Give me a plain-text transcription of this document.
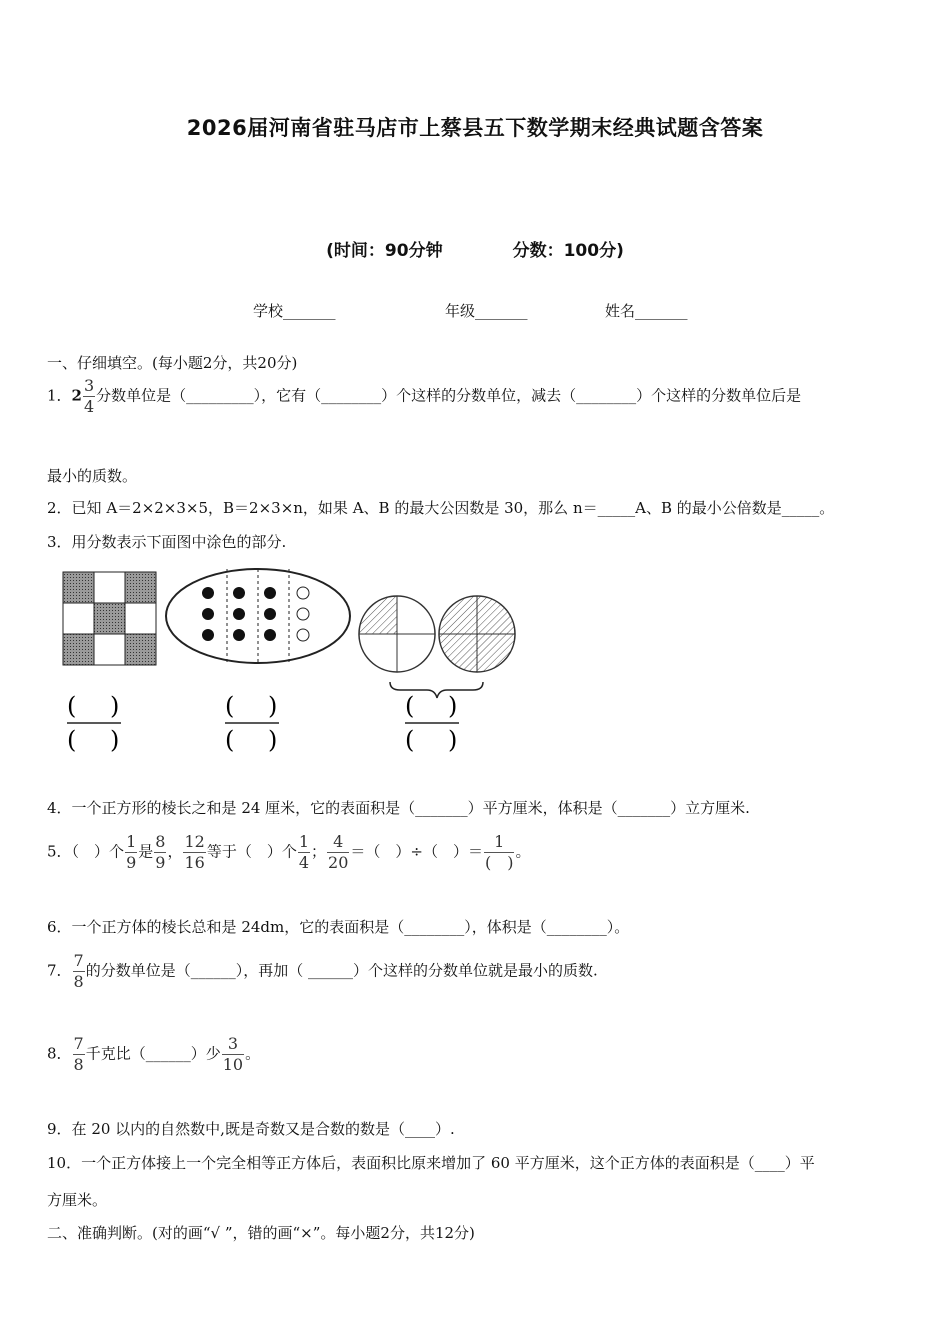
2026届河南省驻马店市上蔡县五下数学期末经典试题含答案
(时间：90分钟	分数：100分)
学校_______	年级_______	姓名_______
一、仔细填空。(每小题2分，共20分)
1．$2 \frac{3}{4}$ 分数单位是（_________），它有（________）个这样的分数单位，减去（________）个这样的分数单位后是
最小的质数。
2．已知 A＝2×2×3×5，B＝2×3×n，如果 A、B 的最大公因数是 30，那么 n＝_____A、B 的最小公倍数是_____。
3．用分数表示下面图中涂色的部分.
( )
( )
( )
( )
( )
( )
4．一个正方形的棱长之和是 24 厘米，它的表面积是（_______）平方厘米，体积是（_______）立方厘米.
5．（　）个 $\frac{1}{9}$ 是 $\frac{8}{9}$ ， $\frac{12}{16}$ 等于（　）个 $\frac{1}{4}$ ； $\frac{4}{20}$ ＝（　）÷（　）＝ $\frac{1}{( )}$ 。
6．一个正方体的棱长总和是 24dm，它的表面积是（________），体积是（________）。
7． $\frac{7}{8}$ 的分数单位是（______），再加（ ______）个这样的分数单位就是最小的质数.
8． $\frac{7}{8}$ 千克比（______）少 $\frac{3}{10}$ 。
9．在 20 以内的自然数中,既是奇数又是合数的数是（____）.
10．一个正方体接上一个完全相等正方体后，表面积比原来增加了 60 平方厘米，这个正方体的表面积是（____）平
方厘米。
二、准确判断。(对的画“√ ”，错的画“×”。每小题2分，共12分)
